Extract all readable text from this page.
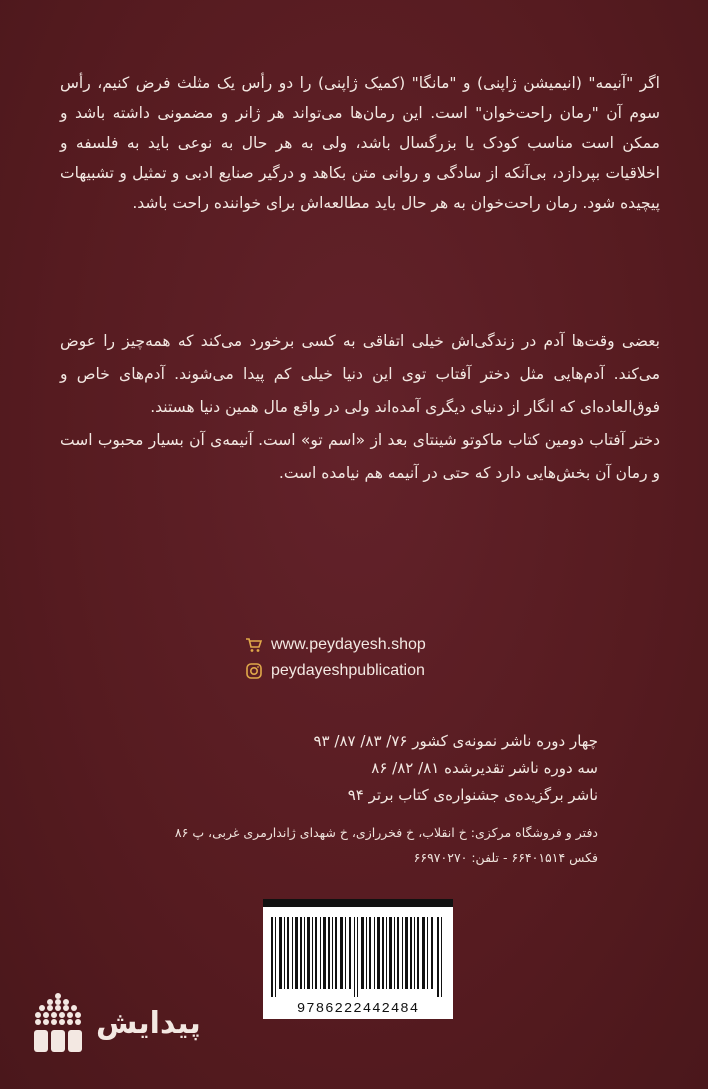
اگر "آنیمه" (انیمیشن ژاپنی) و "مانگا" (کمیک ژاپنی) را دو رأس یک مثلث فرض کنیم، رأس سوم آن "رمان راحت‌خوان" است. این رمان‌ها می‌تواند هر ژانر و مضمونی داشته باشد و ممکن است مناسب کودک یا بزرگسال باشد، ولی به هر حال به نوعی باید به فلسفه و اخلاقیات بپردازد، بی‌آنکه از سادگی و روانی متن بکاهد و درگیر صنایع ادبی و تمثیل و تشبیهات پیچیده شود. رمان راحت‌خوان به هر حال باید مطالعه‌اش برای خواننده راحت باشد.
بعضی وقت‌ها آدم در زندگی‌اش خیلی اتفاقی به کسی برخورد می‌کند که همه‌چیز را عوض می‌کند. آدم‌هایی مثل دختر آفتاب توی این دنیا خیلی کم پیدا می‌شوند. آدم‌های خاص و فوق‌العاده‌ای که انگار از دنیای دیگری آمده‌اند ولی در واقع مال همین دنیا هستند.
دختر آفتاب دومین کتاب ماکوتو شینتای بعد از «اسم تو» است. آنیمه‌ی آن بسیار محبوب است و رمان آن بخش‌هایی دارد که حتی در آنیمه هم نیامده است.
www.peydayesh.shop
peydayeshpublication
چهار دوره ناشر نمونه‌ی کشور ۷۶/ ۸۳/ ۸۷/ ۹۳
سه دوره ناشر تقدیرشده ۸۱/ ۸۲/ ۸۶
ناشر برگزیده‌ی جشنواره‌ی کتاب برتر ۹۴
دفتر و فروشگاه مرکزی: خ انقلاب، خ فخررازی، خ شهدای ژاندارمری غربی، پ ۸۶
فکس ۶۶۴۰۱۵۱۴ - تلفن: ۶۶۹۷۰۲۷۰
9786222442484
پیدایش
